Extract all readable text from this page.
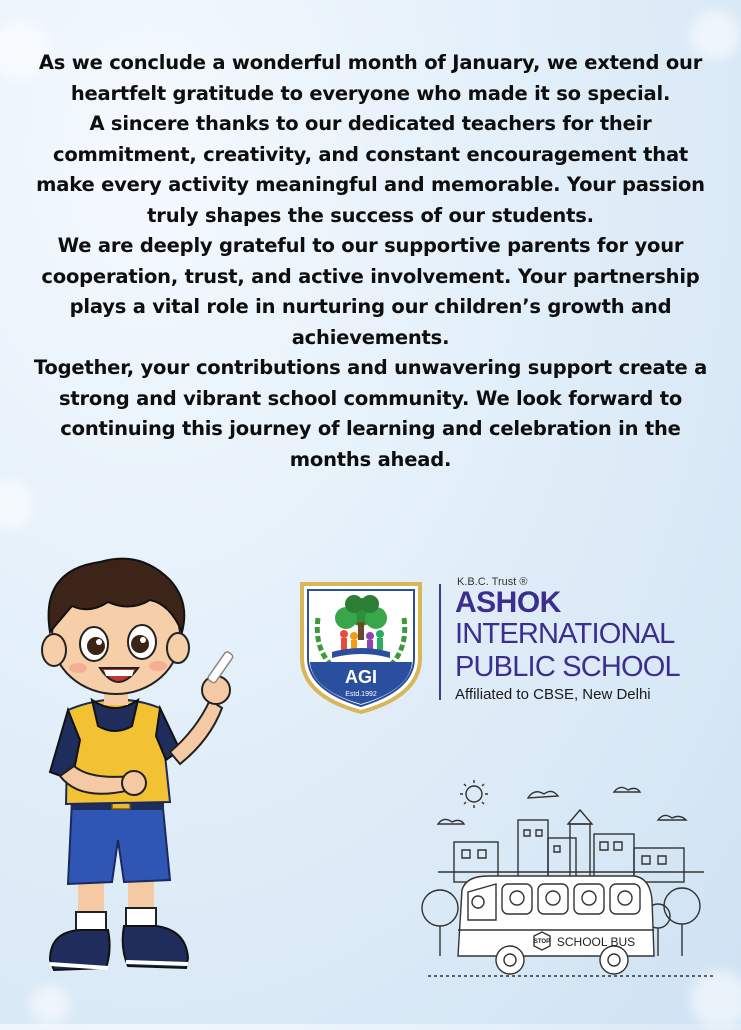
As we conclude a wonderful month of January, we extend our heartfelt gratitude to everyone who made it so special.

A sincere thanks to our dedicated teachers for their commitment, creativity, and constant encouragement that make every activity meaningful and memorable. Your passion truly shapes the success of our students.

We are deeply grateful to our supportive parents for your cooperation, trust, and active involvement. Your partnership plays a vital role in nurturing our children’s growth and achievements.

Together, your contributions and unwavering support create a strong and vibrant school community. We look forward to continuing this journey of learning and celebration in the months ahead.

AGI
Estd.1992
K.B.C. Trust ®
ASHOK
INTERNATIONAL
PUBLIC SCHOOL
Affiliated to CBSE, New Delhi
STOP SCHOOL BUS
